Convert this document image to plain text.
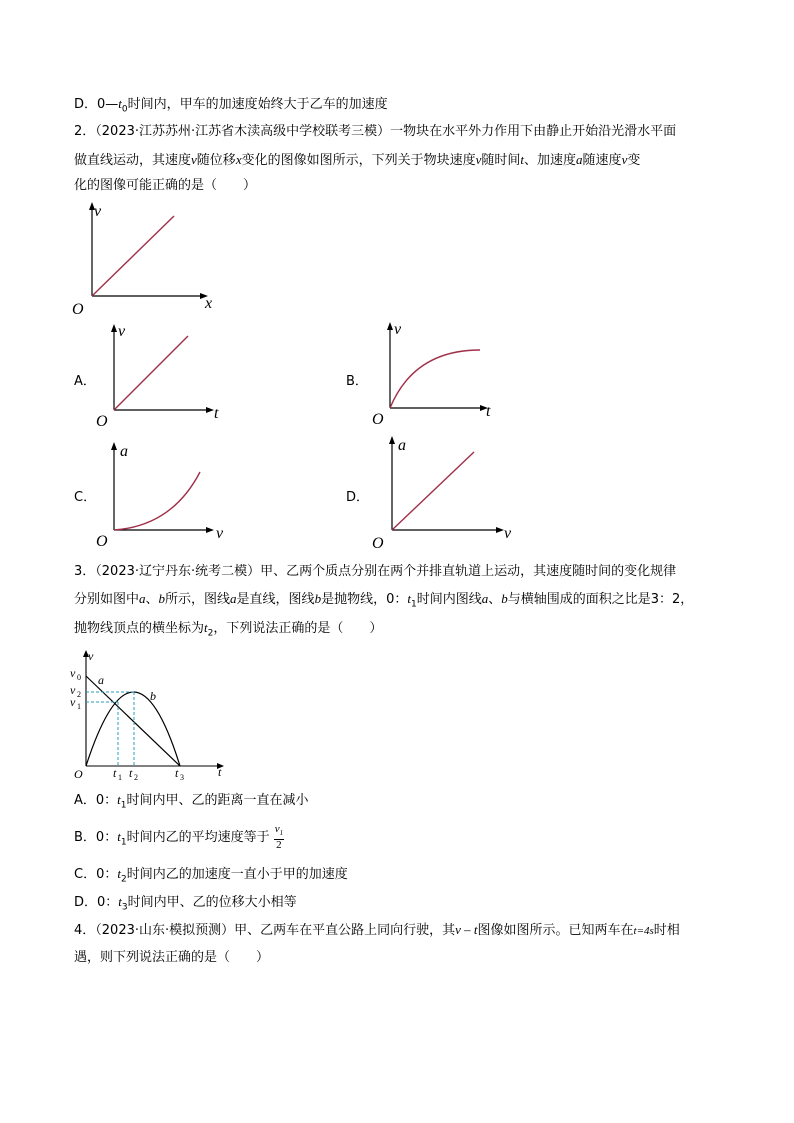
D．$0—t_0$时间内，甲车的加速度始终大于乙车的加速度
2．（2023·江苏苏州·江苏省木渎高级中学校联考三模）一物块在水平外力作用下由静止开始沿光滑水平面
做直线运动，其速度v随位移x变化的图像如图所示，下列关于物块速度v随时间t、加速度a随速度v变
化的图像可能正确的是（　　）
v
x
O
A．
v
t
O
B．
v
t
O
C．
a
v
O
D．
a
v
O
3．（2023·辽宁丹东·统考二模）甲、乙两个质点分别在两个并排直轨道上运动，其速度随时间的变化规律
分别如图中a、b所示，图线a是直线，图线b是抛物线，0：$t_1$时间内图线a、b与横轴围成的面积之比是3：2，
抛物线顶点的横坐标为$t_2$，下列说法正确的是（　　）
v
v 0
v 2
v 1
a
b
O	t 1 t 2	t 3	t
A．0：$t_1$时间内甲、乙的距离一直在减小
B．0：$t_1$时间内乙的平均速度等于 $\frac{v_1}{2}$
C．0：$t_2$时间内乙的加速度一直小于甲的加速度
D．0：$t_3$时间内甲、乙的位移大小相等
4．（2023·山东·模拟预测）甲、乙两车在平直公路上同向行驶，其v – t图像如图所示。已知两车在t=4s时相
遇，则下列说法正确的是（　　）
